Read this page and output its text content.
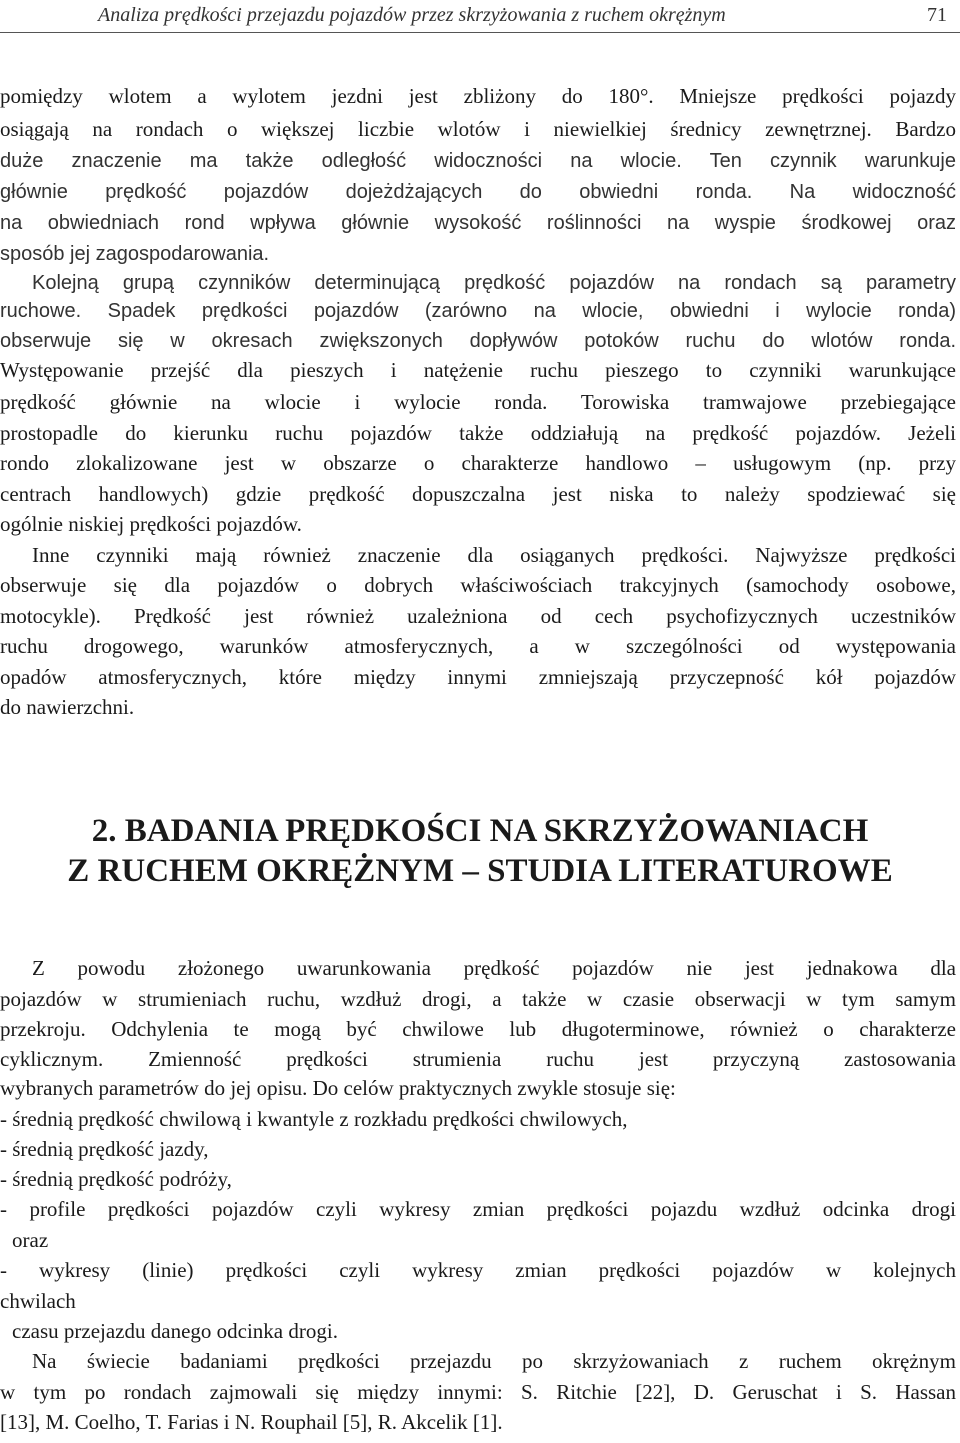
Analiza prędkości przejazdu pojazdów przez skrzyżowania z ruchem okrężnym	71
pomiędzy wlotem a wylotem jezdni jest zbliżony do 180°. Mniejsze prędkości pojazdy
osiągają na rondach o większej liczbie wlotów i niewielkiej średnicy zewnętrznej. Bardzo
duże znaczenie ma także odległość widoczności na wlocie. Ten czynnik warunkuje
głównie prędkość pojazdów dojeżdżających do obwiedni ronda. Na widoczność
na obwiedniach rond wpływa głównie wysokość roślinności na wyspie środkowej oraz
sposób jej zagospodarowania.
Kolejną grupą czynników determinującą prędkość pojazdów na rondach są parametry
ruchowe. Spadek prędkości pojazdów (zarówno na wlocie, obwiedni i wylocie ronda)
obserwuje się w okresach zwiększonych dopływów potoków ruchu do wlotów ronda.
Występowanie przejść dla pieszych i natężenie ruchu pieszego to czynniki warunkujące
prędkość głównie na wlocie i wylocie ronda. Torowiska tramwajowe przebiegające
prostopadle do kierunku ruchu pojazdów także oddziałują na prędkość pojazdów. Jeżeli
rondo zlokalizowane jest w obszarze o charakterze handlowo – usługowym (np. przy
centrach handlowych) gdzie prędkość dopuszczalna jest niska to należy spodziewać się
ogólnie niskiej prędkości pojazdów.
Inne czynniki mają również znaczenie dla osiąganych prędkości. Najwyższe prędkości
obserwuje się dla pojazdów o dobrych właściwościach trakcyjnych (samochody osobowe,
motocykle). Prędkość jest również uzależniona od cech psychofizycznych uczestników
ruchu drogowego, warunków atmosferycznych, a w szczególności od występowania
opadów atmosferycznych, które między innymi zmniejszają przyczepność kół pojazdów
do nawierzchni.
2. BADANIA PRĘDKOŚCI NA SKRZYŻOWANIACH
Z RUCHEM OKRĘŻNYM – STUDIA LITERATUROWE
Z powodu złożonego uwarunkowania prędkość pojazdów nie jest jednakowa dla
pojazdów w strumieniach ruchu, wzdłuż drogi, a także w czasie obserwacji w tym samym
przekroju. Odchylenia te mogą być chwilowe lub długoterminowe, również o charakterze
cyklicznym. Zmienność prędkości strumienia ruchu jest przyczyną zastosowania
wybranych parametrów do jej opisu. Do celów praktycznych zwykle stosuje się:
- średnią prędkość chwilową i kwantyle z rozkładu prędkości chwilowych,
- średnią prędkość jazdy,
- średnią prędkość podróży,
- profile prędkości pojazdów czyli wykresy zmian prędkości pojazdu wzdłuż odcinka drogi
oraz
- wykresy (linie) prędkości czyli wykresy zmian prędkości pojazdów w kolejnych
chwilach
czasu przejazdu danego odcinka drogi.
Na świecie badaniami prędkości przejazdu po skrzyżowaniach z ruchem okrężnym
w tym po rondach zajmowali się między innymi: S. Ritchie [22], D. Geruschat i S. Hassan
[13], M. Coelho, T. Farias i N. Rouphail [5], R. Akcelik [1].
